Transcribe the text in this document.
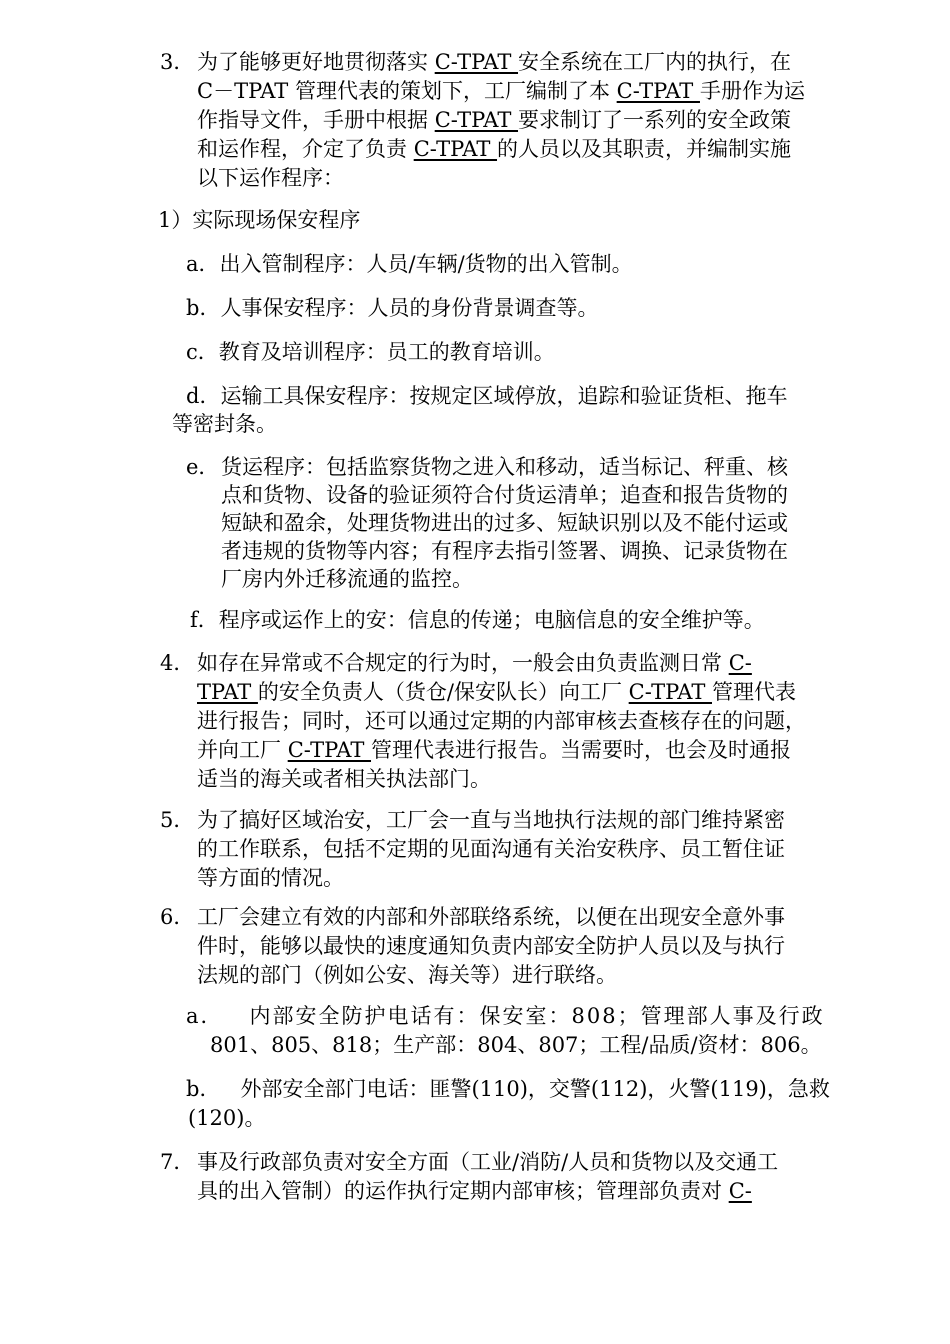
3． 为了能够更好地贯彻落实 C-TPAT 安全系统在工厂内的执行，在
C－TPAT 管理代表的策划下，工厂编制了本 C-TPAT 手册作为运
作指导文件，手册中根据 C-TPAT 要求制订了一系列的安全政策
和运作程，介定了负责 C-TPAT 的人员以及其职责，并编制实施
以下运作程序：
1）实际现场保安程序
a．出入管制程序：人员/车辆/货物的出入管制。
b．人事保安程序：人员的身份背景调查等。
c．教育及培训程序：员工的教育培训。
d．运输工具保安程序：按规定区域停放，追踪和验证货柜、拖车
等密封条。
e． 货运程序：包括监察货物之进入和移动，适当标记、秤重、核
点和货物、设备的验证须符合付货运清单；追查和报告货物的
短缺和盈余，处理货物进出的过多、短缺识别以及不能付运或
者违规的货物等内容；有程序去指引签署、调换、记录货物在
厂房内外迁移流通的监控。
f．程序或运作上的安：信息的传递；电脑信息的安全维护等。
4． 如存在异常或不合规定的行为时，一般会由负责监测日常 C-
TPAT 的安全负责人（货仓/保安队长）向工厂 C-TPAT 管理代表
进行报告；同时，还可以通过定期的内部审核去查核存在的问题，
并向工厂 C-TPAT 管理代表进行报告。当需要时，也会及时通报
适当的海关或者相关执法部门。
5． 为了搞好区域治安，工厂会一直与当地执行法规的部门维持紧密
的工作联系，包括不定期的见面沟通有关治安秩序、员工暂住证
等方面的情况。
6． 工厂会建立有效的内部和外部联络系统，以便在出现安全意外事
件时，能够以最快的速度通知负责内部安全防护人员以及与执行
法规的部门（例如公安、海关等）进行联络。
a．   内部安全防护电话有：保安室：808；管理部人事及行政
801、805、818；生产部：804、807；工程/品质/资材：806。
b．   外部安全部门电话：匪警(110)，交警(112)，火警(119)，急救
(120)。
7． 事及行政部负责对安全方面（工业/消防/人员和货物以及交通工
具的出入管制）的运作执行定期内部审核；管理部负责对 C-
